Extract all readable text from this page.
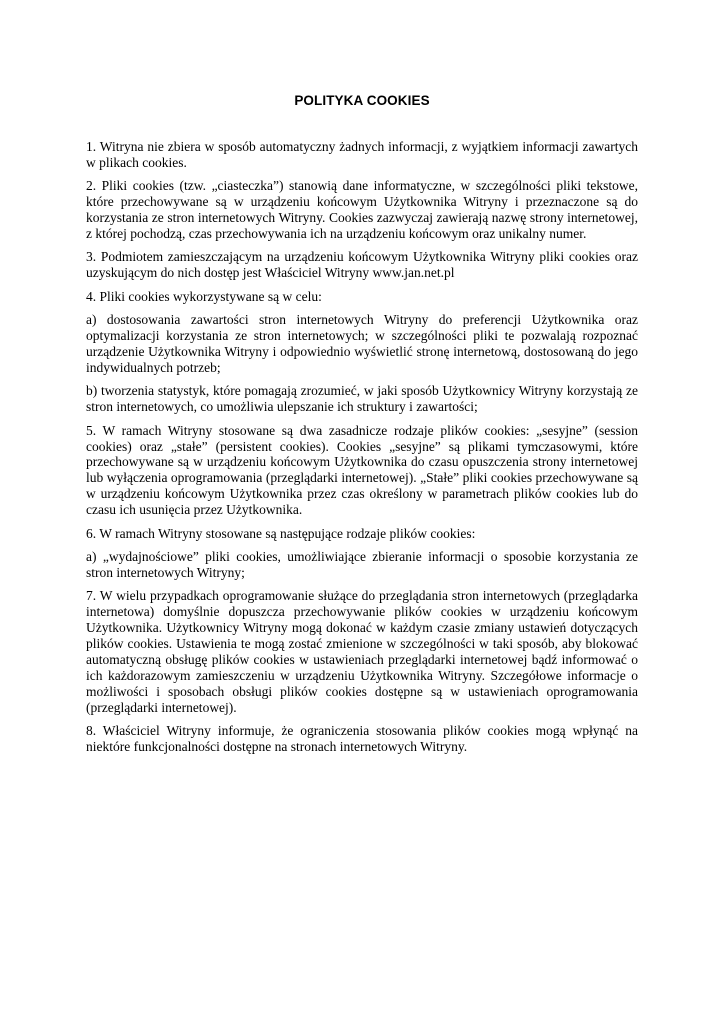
POLITYKA COOKIES

1. Witryna nie zbiera w sposób automatyczny żadnych informacji, z wyjątkiem informacji zawartych w plikach cookies.

2. Pliki cookies (tzw. „ciasteczka”) stanowią dane informatyczne, w szczególności pliki tekstowe, które przechowywane są w urządzeniu końcowym Użytkownika Witryny i przeznaczone są do korzystania ze stron internetowych Witryny. Cookies zazwyczaj zawierają nazwę strony internetowej, z której pochodzą, czas przechowywania ich na urządzeniu końcowym oraz unikalny numer.

3. Podmiotem zamieszczającym na urządzeniu końcowym Użytkownika Witryny pliki cookies oraz uzyskującym do nich dostęp jest Właściciel Witryny www.jan.net.pl

4. Pliki cookies wykorzystywane są w celu:

a) dostosowania zawartości stron internetowych Witryny do preferencji Użytkownika oraz optymalizacji korzystania ze stron internetowych; w szczególności pliki te pozwalają rozpoznać urządzenie Użytkownika Witryny i odpowiednio wyświetlić stronę internetową, dostosowaną do jego indywidualnych potrzeb;

b) tworzenia statystyk, które pomagają zrozumieć, w jaki sposób Użytkownicy Witryny korzystają ze stron internetowych, co umożliwia ulepszanie ich struktury i zawartości;

5. W ramach Witryny stosowane są dwa zasadnicze rodzaje plików cookies: „sesyjne” (session cookies) oraz „stałe” (persistent cookies). Cookies „sesyjne” są plikami tymczasowymi, które przechowywane są w urządzeniu końcowym Użytkownika do czasu opuszczenia strony internetowej lub wyłączenia oprogramowania (przeglądarki internetowej). „Stałe” pliki cookies przechowywane są w urządzeniu końcowym Użytkownika przez czas określony w parametrach plików cookies lub do czasu ich usunięcia przez Użytkownika.

6. W ramach Witryny stosowane są następujące rodzaje plików cookies:

a) „wydajnościowe” pliki cookies, umożliwiające zbieranie informacji o sposobie korzystania ze stron internetowych Witryny;

7. W wielu przypadkach oprogramowanie służące do przeglądania stron internetowych (przeglądarka internetowa) domyślnie dopuszcza przechowywanie plików cookies w urządzeniu końcowym Użytkownika. Użytkownicy Witryny mogą dokonać w każdym czasie zmiany ustawień dotyczących plików cookies. Ustawienia te mogą zostać zmienione w szczególności w taki sposób, aby blokować automatyczną obsługę plików cookies w ustawieniach przeglądarki internetowej bądź informować o ich każdorazowym zamieszczeniu w urządzeniu Użytkownika Witryny. Szczegółowe informacje o możliwości i sposobach obsługi plików cookies dostępne są w ustawieniach oprogramowania (przeglądarki internetowej).

8. Właściciel Witryny informuje, że ograniczenia stosowania plików cookies mogą wpłynąć na niektóre funkcjonalności dostępne na stronach internetowych Witryny.
